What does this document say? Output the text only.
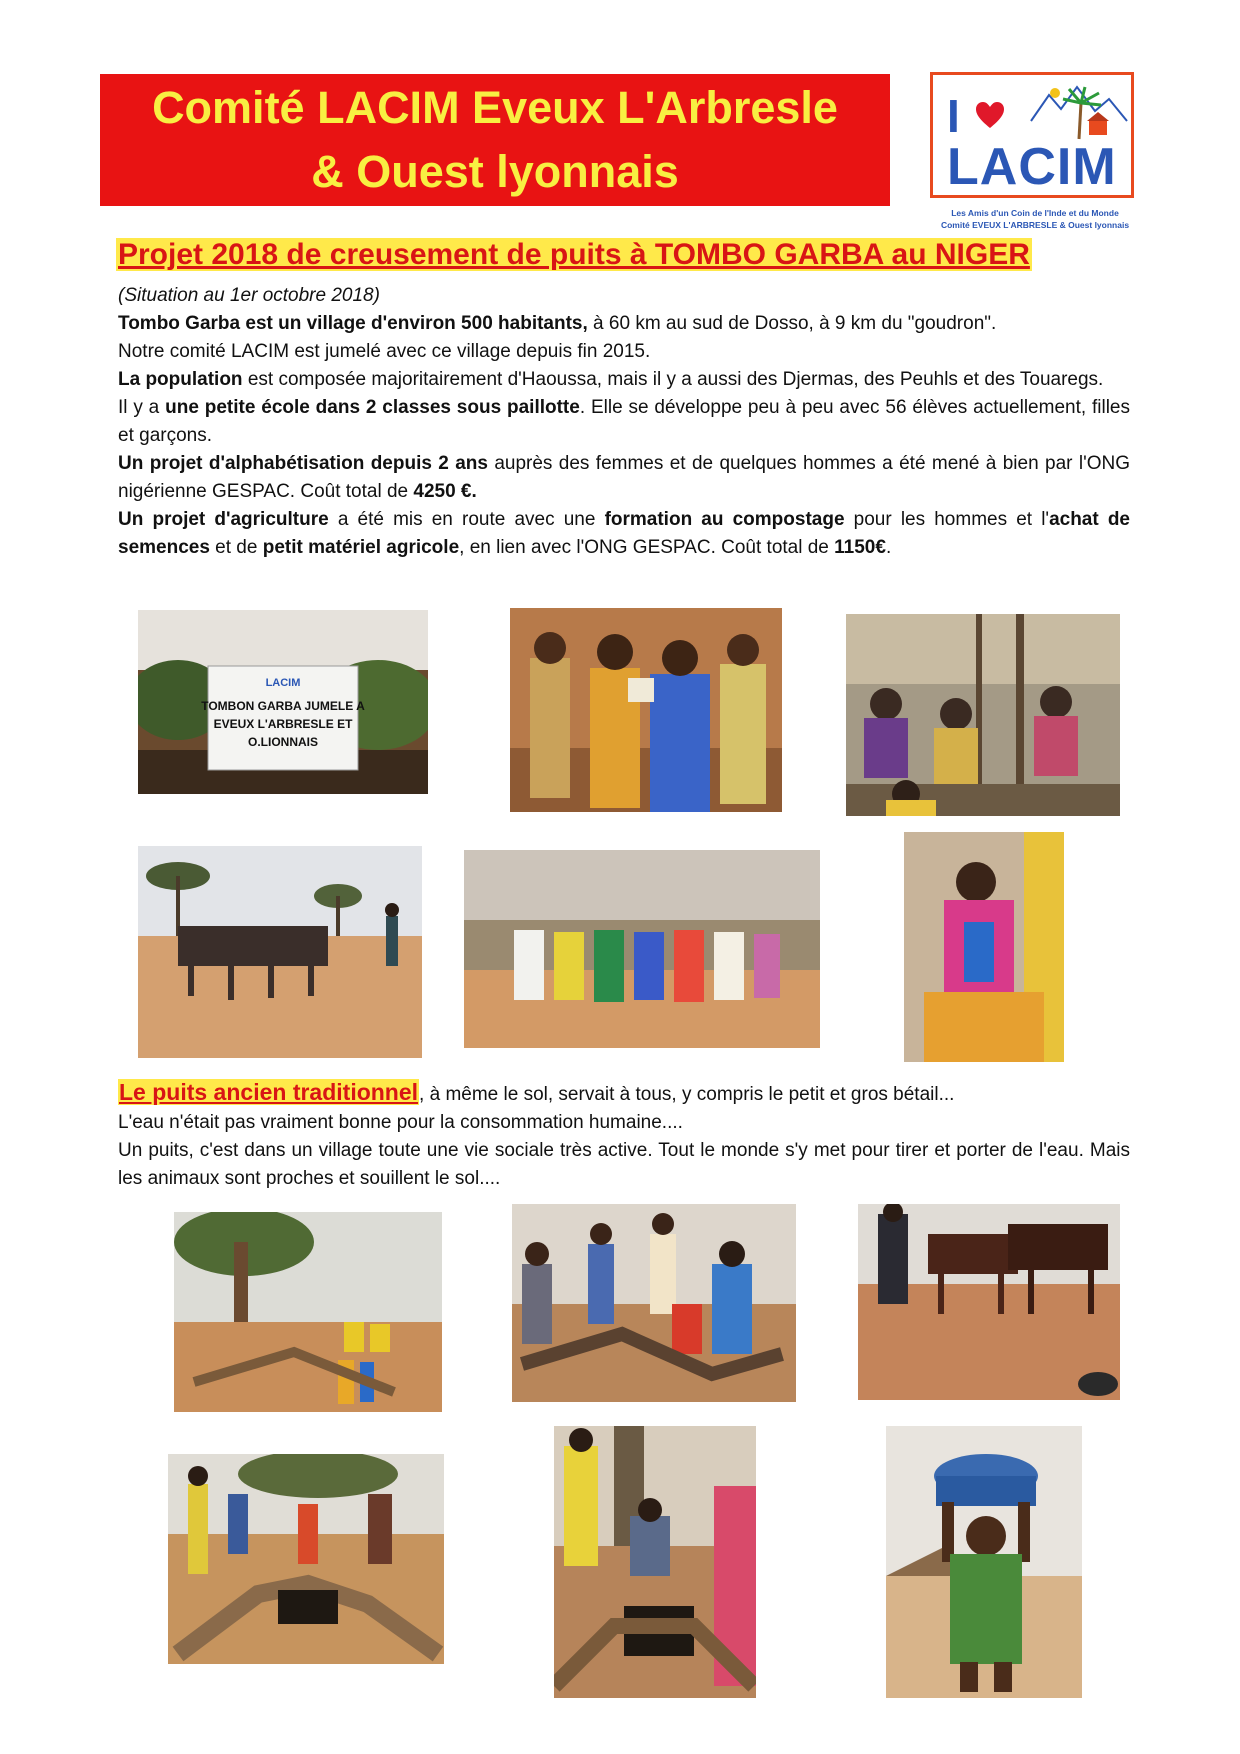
Comité LACIM Eveux L'Arbresle
& Ouest lyonnais
I
LACIM
Les Amis d'un Coin de l'Inde et du Monde
Comité EVEUX L'ARBRESLE & Ouest lyonnais
Projet 2018 de creusement de puits à TOMBO GARBA au NIGER

(Situation au 1er octobre 2018)

Tombo Garba est un village d'environ 500 habitants, à 60 km au sud de Dosso, à 9 km du "goudron".

Notre comité LACIM est jumelé avec ce village depuis fin 2015.

La population est composée majoritairement d'Haoussa, mais il y a aussi des Djermas, des Peuhls et des Touaregs.

Il y a une petite école dans 2 classes sous paillotte. Elle se développe peu à peu avec 56 élèves actuellement, filles et garçons.

Un projet d'alphabétisation depuis 2 ans auprès des femmes et de quelques hommes a été mené à bien par l'ONG nigérienne GESPAC. Coût total de 4250 €.

Un projet d'agriculture a été mis en route avec une formation au compostage pour les hommes et l'achat de semences et de petit matériel agricole, en lien avec l'ONG GESPAC. Coût total de 1150€.

LACIM
TOMBON GARBA JUMELE A
EVEUX L'ARBRESLE ET
O.LIONNAIS

Le puits ancien traditionnel, à même le sol, servait à tous, y compris le petit et gros bétail...

L'eau n'était pas vraiment bonne pour la consommation humaine....

Un puits, c'est dans un village toute une vie sociale très active. Tout le monde s'y met pour tirer et porter de l'eau. Mais les animaux sont proches et souillent le sol....
